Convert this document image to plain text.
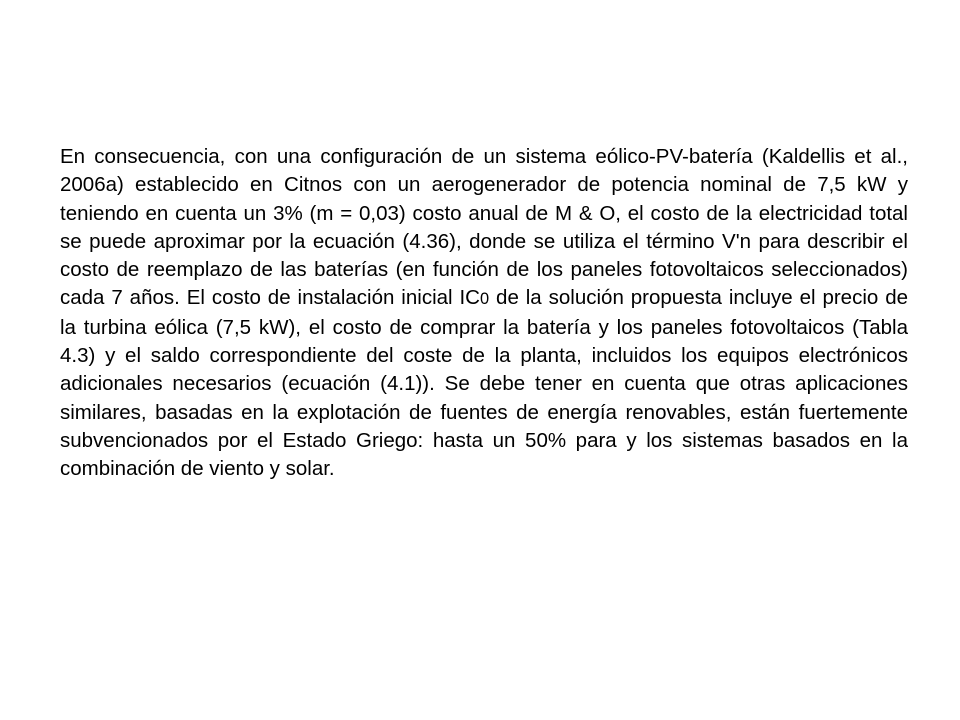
En consecuencia, con una configuración de un sistema eólico-PV-batería (Kaldellis et al., 2006a) establecido en Citnos con un aerogenerador de potencia nominal de 7,5 kW y teniendo en cuenta un 3% (m = 0,03) costo anual de M & O, el costo de la electricidad total se puede aproximar por la ecuación (4.36), donde se utiliza el término V'n para describir el costo de reemplazo de las baterías (en función de los paneles fotovoltaicos seleccionados) cada 7 años. El costo de instalación inicial IC0 de la solución propuesta incluye el precio de la turbina eólica (7,5 kW), el costo de comprar la batería y los paneles fotovoltaicos (Tabla 4.3) y el saldo correspondiente del coste de la planta, incluidos los equipos electrónicos adicionales necesarios (ecuación (4.1)). Se debe tener en cuenta que otras aplicaciones similares, basadas en la explotación de fuentes de energía renovables, están fuertemente subvencionados por el Estado Griego: hasta un 50% para y los sistemas basados en la combinación de viento y solar.
